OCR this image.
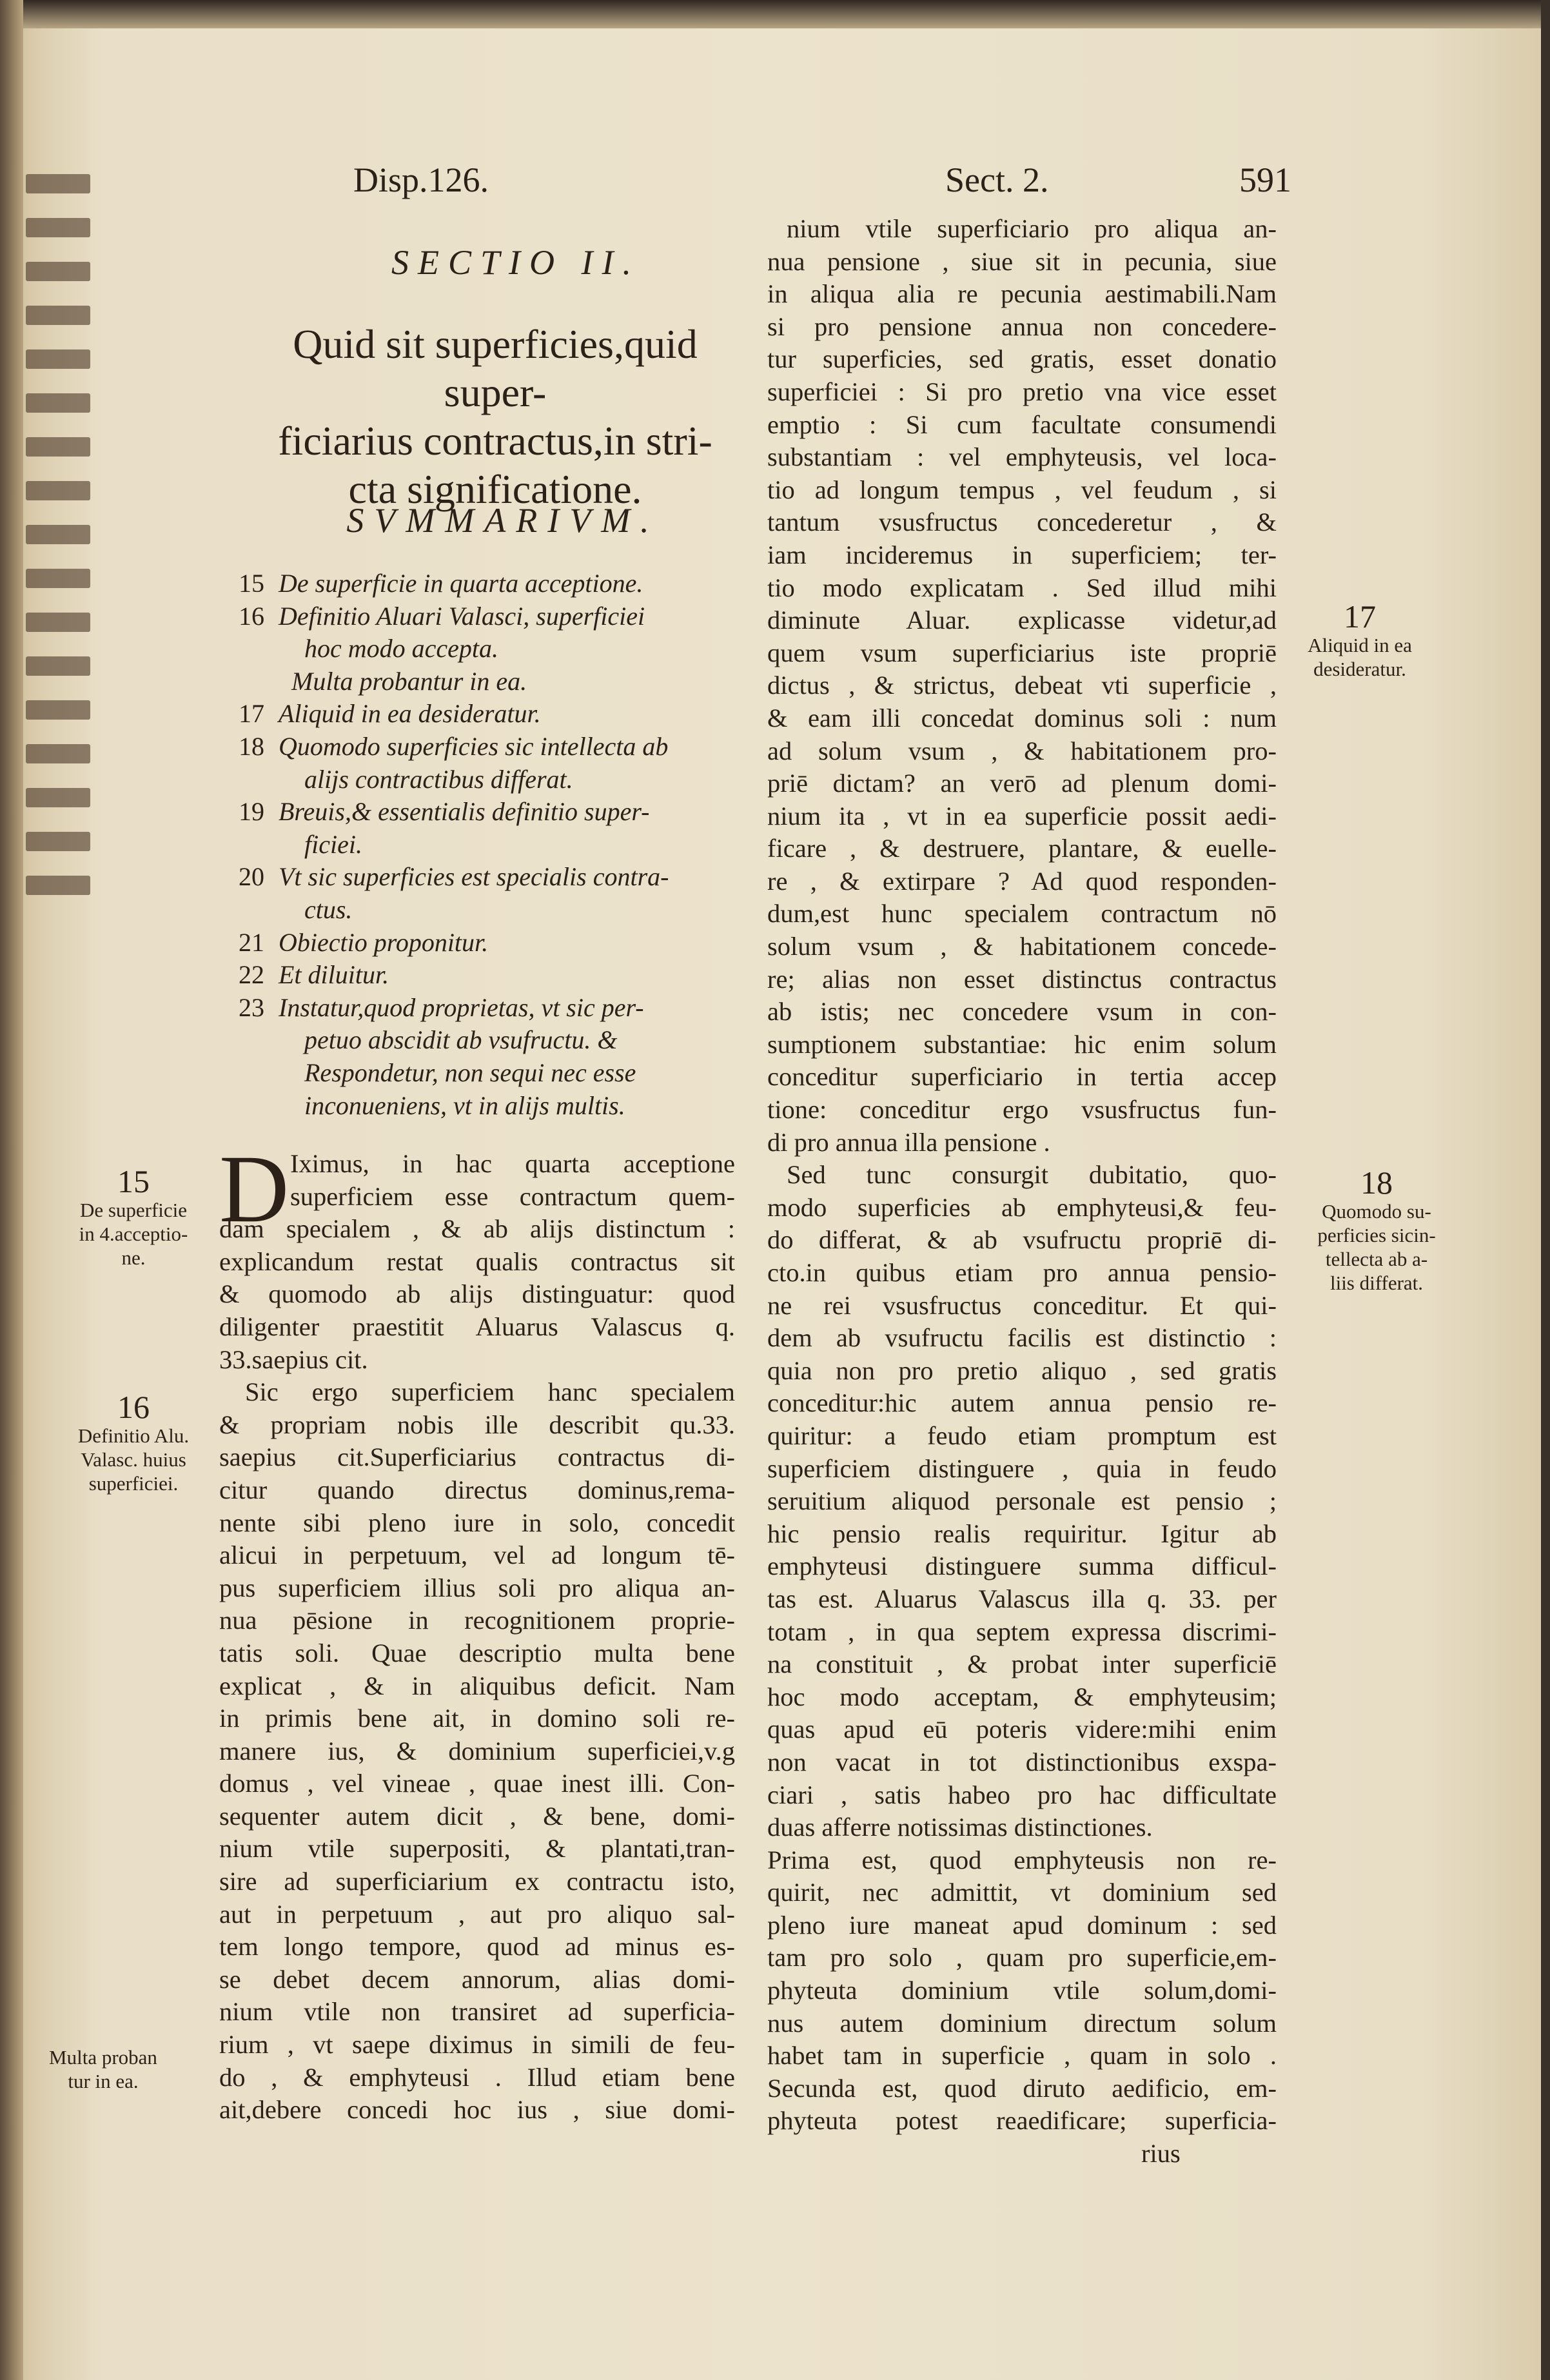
Disp.126.	Sect. 2.	591
SECTIO II.
Quid sit superficies,quid super-
ficiarius contractus,in stri-
cta significatione.
SVMMARIVM.
15 De superficie in quarta acceptione.
16 Definitio Aluari Valasci, superficiei
hoc modo accepta.
Multa probantur in ea.
17 Aliquid in ea desideratur.
18 Quomodo superficies sic intellecta ab
alijs contractibus differat.
19 Breuis,& essentialis definitio super-
ficiei.
20 Vt sic superficies est specialis contra-
ctus.
21 Obiectio proponitur.
22 Et diluitur.
23 Instatur,quod proprietas, vt sic per-
petuo abscidit ab vsufructu. &
Respondetur, non sequi nec esse
inconueniens, vt in alijs multis.
D Iximus, in hac quarta acceptione
superficiem esse contractum quem-
dam specialem , & ab alijs distinctum :
explicandum restat qualis contractus sit
& quomodo ab alijs distinguatur: quod
diligenter praestitit Aluarus Valascus q.
33.saepius cit.
Sic ergo superficiem hanc specialem
& propriam nobis ille describit qu.33.
saepius cit.Superficiarius contractus di-
citur quando directus dominus,rema-
nente sibi pleno iure in solo, concedit
alicui in perpetuum, vel ad longum tē-
pus superficiem illius soli pro aliqua an-
nua pēsione in recognitionem proprie-
tatis soli. Quae descriptio multa bene
explicat , & in aliquibus deficit. Nam
in primis bene ait, in domino soli re-
manere ius, & dominium superficiei,v.g
domus , vel vineae , quae inest illi. Con-
sequenter autem dicit , & bene, domi-
nium vtile superpositi, & plantati,tran-
sire ad superficiarium ex contractu isto,
aut in perpetuum , aut pro aliquo sal-
tem longo tempore, quod ad minus es-
se debet decem annorum, alias domi-
nium vtile non transiret ad superficia-
rium , vt saepe diximus in simili de feu-
do , & emphyteusi . Illud etiam bene
ait,debere concedi hoc ius , siue domi-
nium vtile superficiario pro aliqua an-
nua pensione , siue sit in pecunia, siue
in aliqua alia re pecunia aestimabili.Nam
si pro pensione annua non concedere-
tur superficies, sed gratis, esset donatio
superficiei : Si pro pretio vna vice esset
emptio : Si cum facultate consumendi
substantiam : vel emphyteusis, vel loca-
tio ad longum tempus , vel feudum , si
tantum vsusfructus concederetur , &
iam incideremus in superficiem; ter-
tio modo explicatam . Sed illud mihi
diminute Aluar. explicasse videtur,ad
quem vsum superficiarius iste propriē
dictus , & strictus, debeat vti superficie ,
& eam illi concedat dominus soli : num
ad solum vsum , & habitationem pro-
priē dictam? an verō ad plenum domi-
nium ita , vt in ea superficie possit aedi-
ficare , & destruere, plantare, & euelle-
re , & extirpare ? Ad quod responden-
dum,est hunc specialem contractum nō
solum vsum , & habitationem concede-
re; alias non esset distinctus contractus
ab istis; nec concedere vsum in con-
sumptionem substantiae: hic enim solum
conceditur superficiario in tertia accep
tione: conceditur ergo vsusfructus fun-
di pro annua illa pensione .
Sed tunc consurgit dubitatio, quo-
modo superficies ab emphyteusi,& feu-
do differat, & ab vsufructu propriē di-
cto.in quibus etiam pro annua pensio-
ne rei vsusfructus conceditur. Et qui-
dem ab vsufructu facilis est distinctio :
quia non pro pretio aliquo , sed gratis
conceditur:hic autem annua pensio re-
quiritur: a feudo etiam promptum est
superficiem distinguere , quia in feudo
seruitium aliquod personale est pensio ;
hic pensio realis requiritur. Igitur ab
emphyteusi distinguere summa difficul-
tas est. Aluarus Valascus illa q. 33. per
totam , in qua septem expressa discrimi-
na constituit , & probat inter superficiē
hoc modo acceptam, & emphyteusim;
quas apud eū poteris videre:mihi enim
non vacat in tot distinctionibus exspa-
ciari , satis habeo pro hac difficultate
duas afferre notissimas distinctiones.
Prima est, quod emphyteusis non re-
quirit, nec admittit, vt dominium sed
pleno iure maneat apud dominum : sed
tam pro solo , quam pro superficie,em-
phyteuta dominium vtile solum,domi-
nus autem dominium directum solum
habet tam in superficie , quam in solo .
Secunda est, quod diruto aedificio, em-
phyteuta potest reaedificare; superficia-
rius
15
De superficie
in 4.acceptio-
ne.
16
Definitio Alu.
Valasc. huius
superficiei.
Multa proban
tur in ea.
17
Aliquid in ea
desideratur.
18
Quomodo su-
perficies sicin-
tellecta ab a-
liis differat.
